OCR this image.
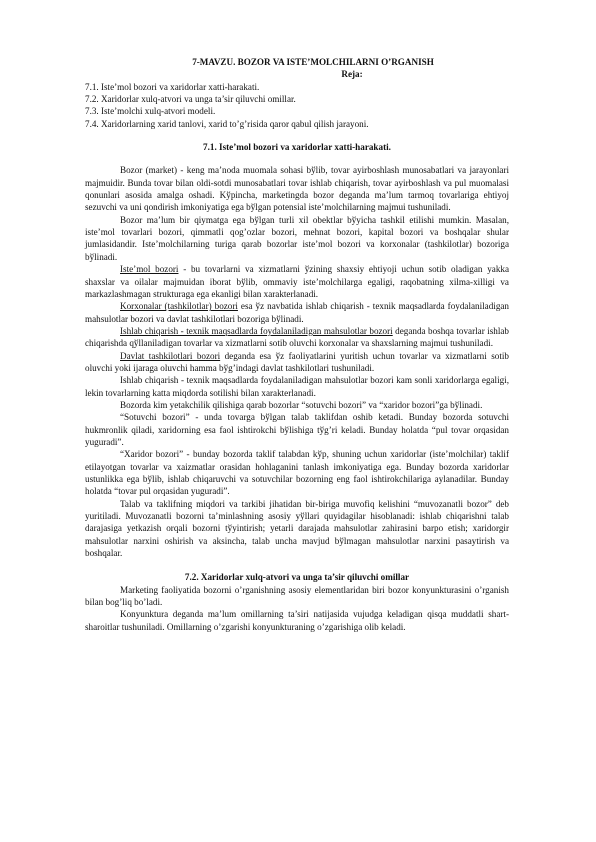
7-MAVZU. BOZOR VA ISTE’MOLCHILARNI O’RGANISH
Reja:
7.1. Iste’mol bozori va xaridorlar xatti-harakati.
7.2. Xaridorlar xulq-atvori va unga ta’sir qiluvchi omillar.
7.3. Iste’molchi xulq-atvori modeli.
7.4. Xaridorlarning xarid tanlovi, xarid to’g’risida qaror qabul qilish jarayoni.
7.1. Iste’mol bozori va xaridorlar xatti-harakati.

Bozor (market) - keng ma’noda muomala sohasi bўlib, tovar ayirboshlash munosabatlari va jarayonlari majmuidir. Bunda tovar bilan oldi-sotdi munosabatlari tovar ishlab chiqarish, tovar ayirboshlash va pul muomalasi qonunlari asosida amalga oshadi. Kўpincha, marketingda bozor deganda ma’lum tarmoq tovarlariga ehtiyoj sezuvchi va uni qondirish imkoniyatiga ega bўlgan potensial iste’molchilarning majmui tushuniladi.

Bozor ma’lum bir qiymatga ega bўlgan turli xil obektlar bўyicha tashkil etilishi mumkin. Masalan, iste’mol tovarlari bozori, qimmatli qog’ozlar bozori, mehnat bozori, kapital bozori va boshqalar shular jumlasidandir. Iste’molchilarning turiga qarab bozorlar iste’mol bozori va korxonalar (tashkilotlar) bozoriga bўlinadi.

Iste’mol bozori - bu tovarlarni va xizmatlarni ўzining shaxsiy ehtiyoji uchun sotib oladigan yakka shaxslar va oilalar majmuidan iborat bўlib, ommaviy iste’molchilarga egaligi, raqobatning xilma-xilligi va markazlashmagan strukturaga ega ekanligi bilan xarakterlanadi.

Korxonalar (tashkilotlar) bozori esa ўz navbatida ishlab chiqarish - texnik maqsadlarda foydalaniladigan mahsulotlar bozori va davlat tashkilotlari bozoriga bўlinadi.

Ishlab chiqarish - texnik maqsadlarda foydalaniladigan mahsulotlar bozori deganda boshqa tovarlar ishlab chiqarishda qўllaniladigan tovarlar va xizmatlarni sotib oluvchi korxonalar va shaxslarning majmui tushuniladi.

Davlat tashkilotlari bozori deganda esa ўz faoliyatlarini yuritish uchun tovarlar va xizmatlarni sotib oluvchi yoki ijaraga oluvchi hamma bўg’indagi davlat tashkilotlari tushuniladi.

Ishlab chiqarish - texnik maqsadlarda foydalaniladigan mahsulotlar bozori kam sonli xaridorlarga egaligi, lekin tovarlarning katta miqdorda sotilishi bilan xarakterlanadi.

Bozorda kim yetakchilik qilishiga qarab bozorlar “sotuvchi bozori” va “xaridor bozori”ga bўlinadi.

“Sotuvchi bozori” - unda tovarga bўlgan talab taklifdan oshib ketadi. Bunday bozorda sotuvchi hukmronlik qiladi, xaridorning esa faol ishtirokchi bўlishiga tўg’ri keladi. Bunday holatda “pul tovar orqasidan yuguradi”.

“Xaridor bozori” - bunday bozorda taklif talabdan kўp, shuning uchun xaridorlar (iste’molchilar) taklif etilayotgan tovarlar va xaizmatlar orasidan hohlaganini tanlash imkoniyatiga ega. Bunday bozorda xaridorlar ustunlikka ega bўlib, ishlab chiqaruvchi va sotuvchilar bozorning eng faol ishtirokchilariga aylanadilar. Bunday holatda “tovar pul orqasidan yuguradi”.

Talab va taklifning miqdori va tarkibi jihatidan bir-biriga muvofiq kelishini “muvozanatli bozor” deb yuritiladi. Muvozanatli bozorni ta’minlashning asosiy yўllari quyidagilar hisoblanadi: ishlab chiqarishni talab darajasiga yetkazish orqali bozorni tўyintirish; yetarli darajada mahsulotlar zahirasini barpo etish; xaridorgir mahsulotlar narxini oshirish va aksincha, talab uncha mavjud bўlmagan mahsulotlar narxini pasaytirish va boshqalar.

7.2. Xaridorlar xulq-atvori va unga ta’sir qiluvchi omillar

Marketing faoliyatida bozorni o’rganishning asosiy elementlaridan biri bozor konyunkturasini o’rganish bilan bog’liq bo’ladi.

Konyunktura deganda ma’lum omillarning ta’siri natijasida vujudga keladigan qisqa muddatli shart-sharoitlar tushuniladi. Omillarning o’zgarishi konyunkturaning o’zgarishiga olib keladi.
